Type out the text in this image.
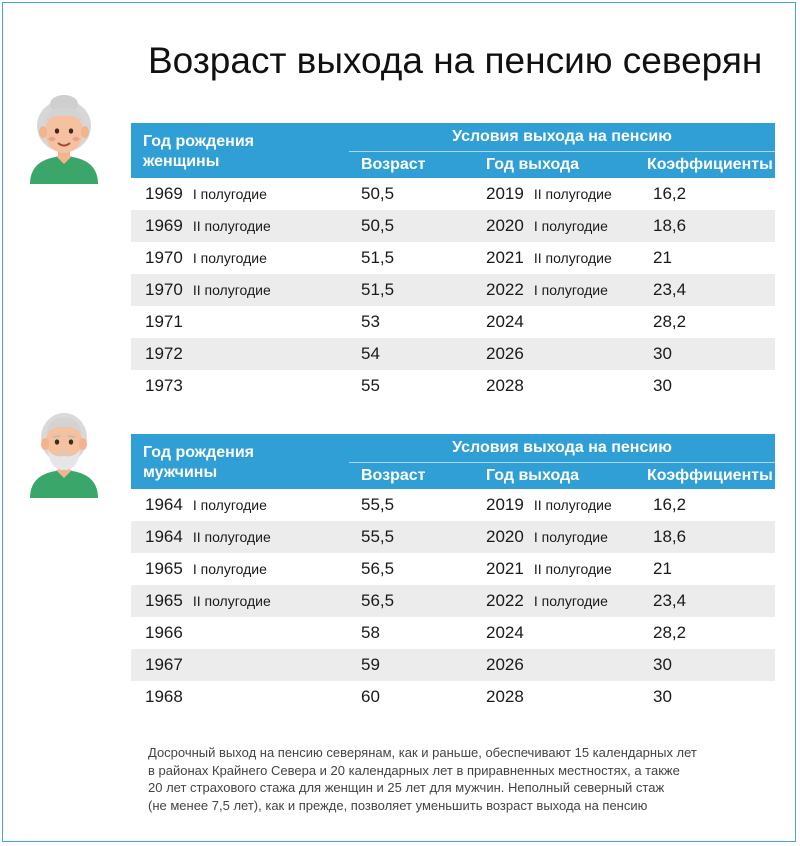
Возраст выхода на пенсию северян
Год рождения
женщины	Условия выхода на пенсию		
	Возраст	Год выхода	Коэффициенты
1969 I полугодие	50,5	2019 II полугодие	16,2
1969 II полугодие	50,5	2020 I полугодие	18,6
1970 I полугодие	51,5	2021 II полугодие	21
1970 II полугодие	51,5	2022 I полугодие	23,4
1971	53	2024	28,2
1972	54	2026	30
1973	55	2028	30
Год рождения
мужчины	Условия выхода на пенсию		
	Возраст	Год выхода	Коэффициенты
1964 I полугодие	55,5	2019 II полугодие	16,2
1964 II полугодие	55,5	2020 I полугодие	18,6
1965 I полугодие	56,5	2021 II полугодие	21
1965 II полугодие	56,5	2022 I полугодие	23,4
1966	58	2024	28,2
1967	59	2026	30
1968	60	2028	30
Досрочный выход на пенсию северянам, как и раньше, обеспечивают 15 календарных лет
в районах Крайнего Севера и 20 календарных лет в приравненных местностях, а также
20 лет страхового стажа для женщин и 25 лет для мужчин. Неполный северный стаж
(не менее 7,5 лет), как и прежде, позволяет уменьшить возраст выхода на пенсию
